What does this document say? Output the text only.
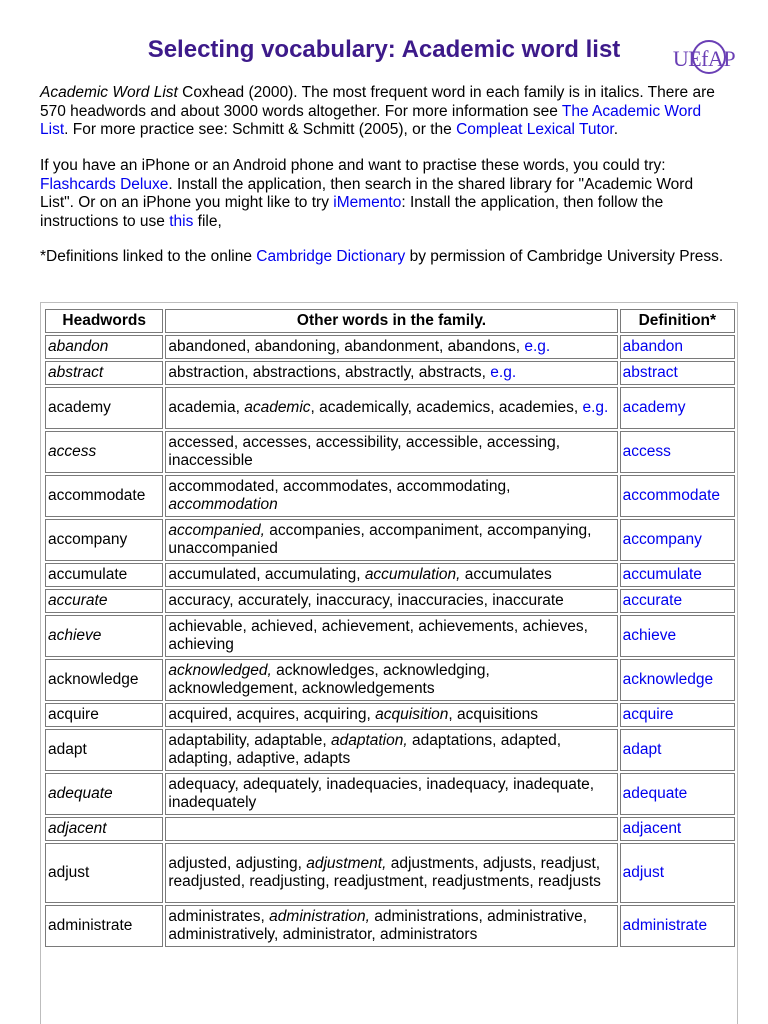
Selecting vocabulary: Academic word list	UEfAP

Academic Word List Coxhead (2000). The most frequent word in each family is in italics. There are 570 headwords and about 3000 words altogether. For more information see The Academic Word List. For more practice see: Schmitt & Schmitt (2005), or the Compleat Lexical Tutor.

If you have an iPhone or an Android phone and want to practise these words, you could try: Flashcards Deluxe. Install the application, then search in the shared library for "Academic Word List". Or on an iPhone you might like to try iMemento: Install the application, then follow the instructions to use this file,

*Definitions linked to the online Cambridge Dictionary by permission of Cambridge University Press.

Headwords	Other words in the family.	Definition*
abandon	abandoned, abandoning, abandonment, abandons, e.g.	abandon
abstract	abstraction, abstractions, abstractly, abstracts, e.g.	abstract
academy	academia, academic, academically, academics, academies, e.g.	academy
access	accessed, accesses, accessibility, accessible, accessing, inaccessible	access
accommodate	accommodated, accommodates, accommodating, accommodation	accommodate
accompany	accompanied, accompanies, accompaniment, accompanying, unaccompanied	accompany
accumulate	accumulated, accumulating, accumulation, accumulates	accumulate
accurate	accuracy, accurately, inaccuracy, inaccuracies, inaccurate	accurate
achieve	achievable, achieved, achievement, achievements, achieves, achieving	achieve
acknowledge	acknowledged, acknowledges, acknowledging, acknowledgement, acknowledgements	acknowledge
acquire	acquired, acquires, acquiring, acquisition, acquisitions	acquire
adapt	adaptability, adaptable, adaptation, adaptations, adapted, adapting, adaptive, adapts	adapt
adequate	adequacy, adequately, inadequacies, inadequacy, inadequate, inadequately	adequate
adjacent		adjacent
adjust	adjusted, adjusting, adjustment, adjustments, adjusts, readjust, readjusted, readjusting, readjustment, readjustments, readjusts	adjust
administrate	administrates, administration, administrations, administrative, administratively, administrator, administrators	administrate
